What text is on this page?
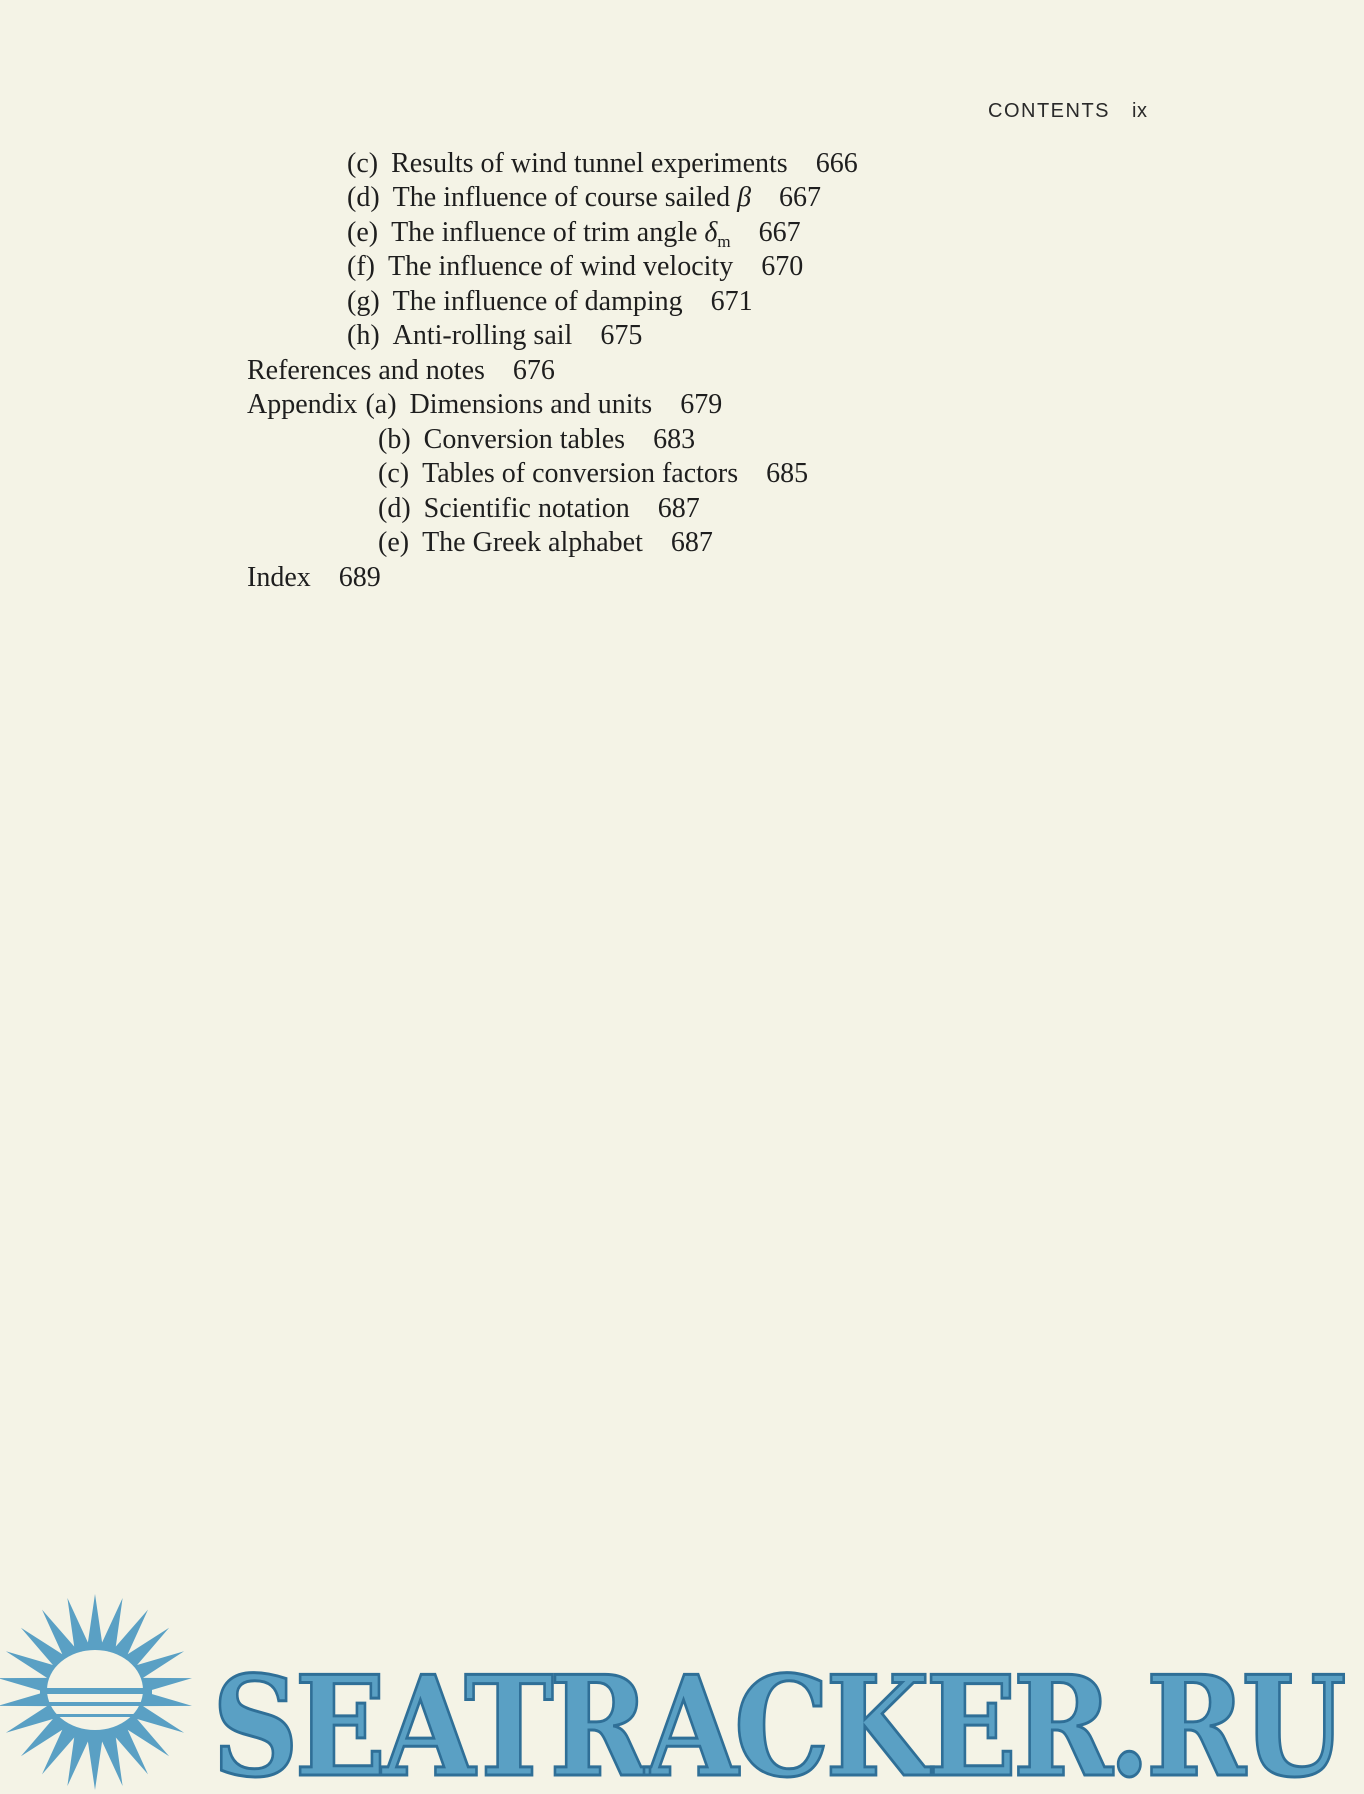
CONTENTS ix
(c) Results of wind tunnel experiments 666
(d) The influence of course sailed β 667
(e) The influence of trim angle $\delta_m$ 667
(f) The influence of wind velocity 670
(g) The influence of damping 671
(h) Anti-rolling sail 675
References and notes 676
Appendix (a) Dimensions and units 679
(b) Conversion tables 683
(c) Tables of conversion factors 685
(d) Scientific notation 687
(e) The Greek alphabet 687
Index 689
SEATRACKER.RU
